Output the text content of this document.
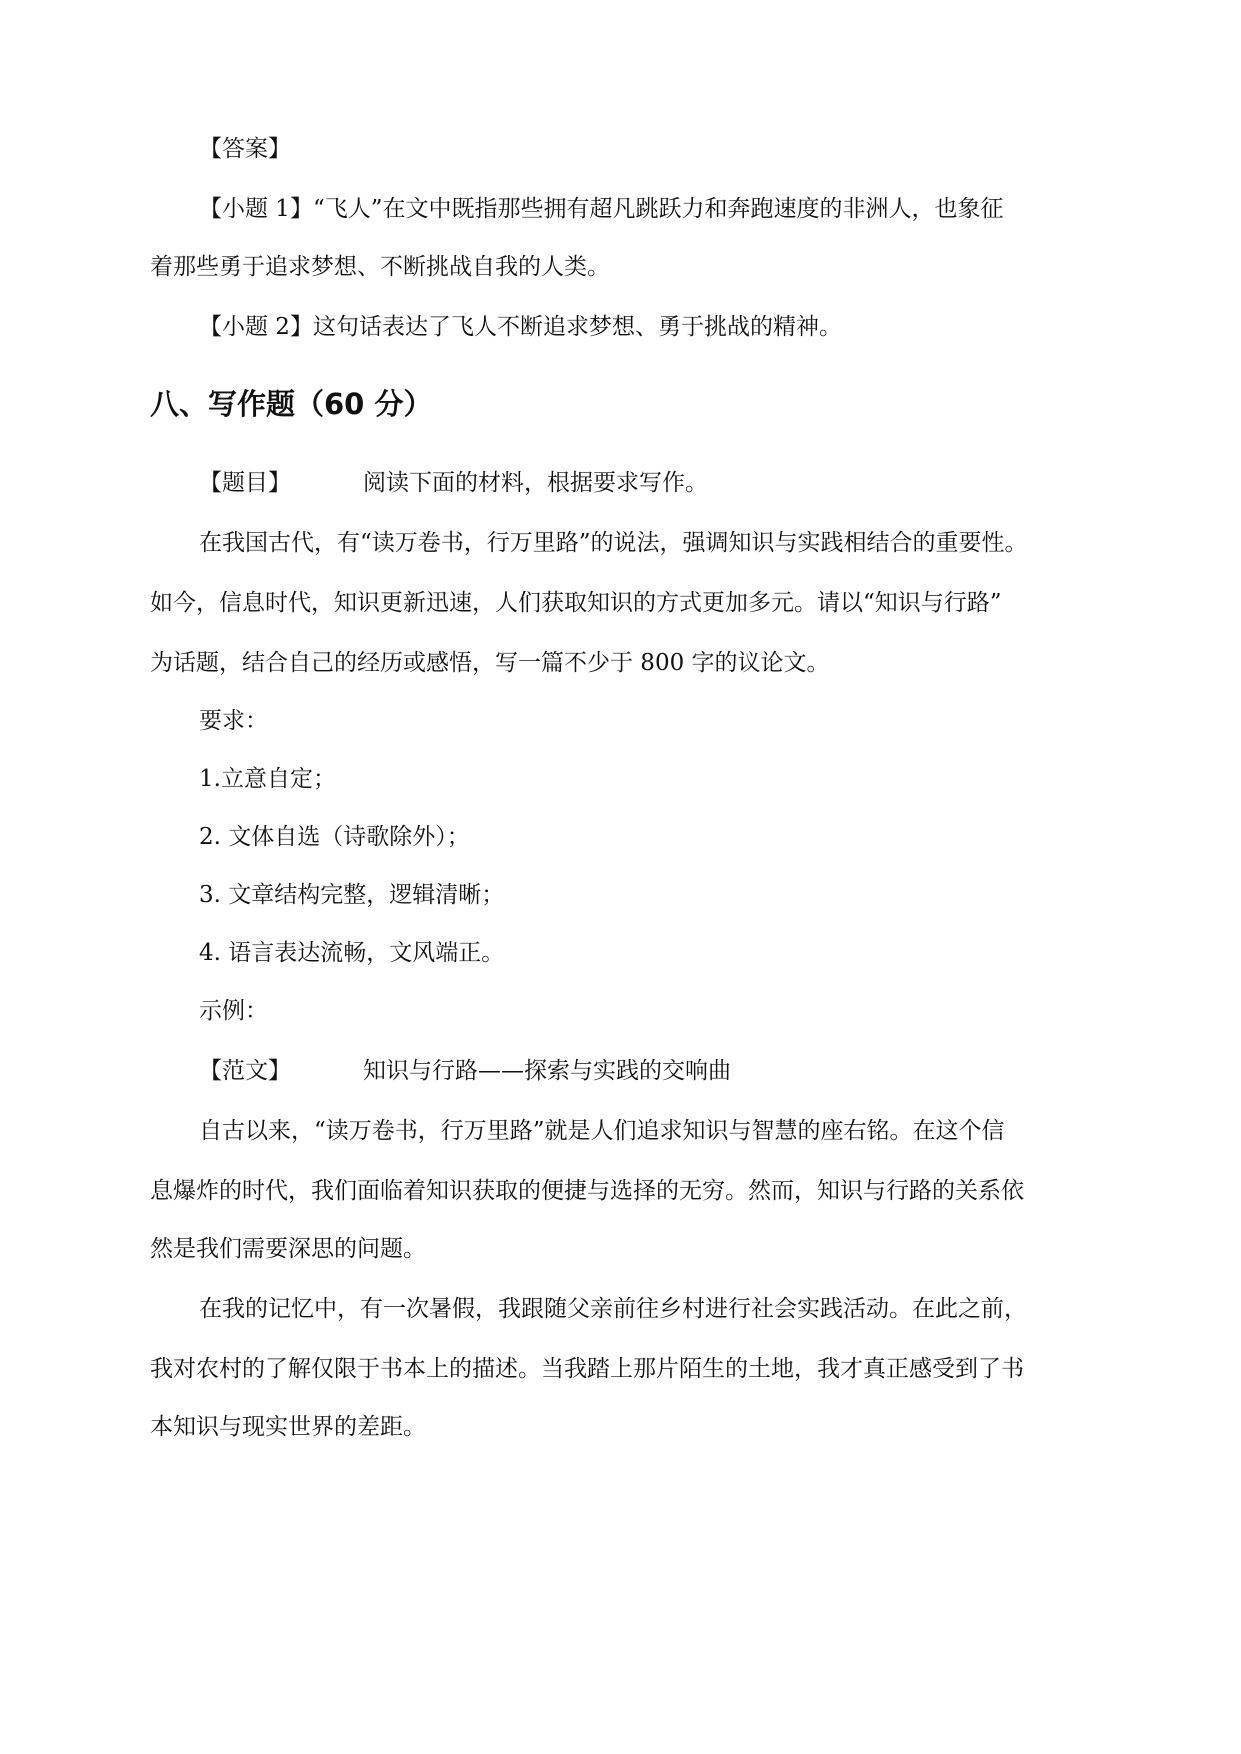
【答案】
【小题 1】“飞人”在文中既指那些拥有超凡跳跃力和奔跑速度的非洲人，也象征
着那些勇于追求梦想、不断挑战自我的人类。
【小题 2】这句话表达了飞人不断追求梦想、勇于挑战的精神。
八、写作题（60 分）
【题目】	阅读下面的材料，根据要求写作。
在我国古代，有“读万卷书，行万里路”的说法，强调知识与实践相结合的重要性。
如今，信息时代，知识更新迅速，人们获取知识的方式更加多元。请以“知识与行路”
为话题，结合自己的经历或感悟，写一篇不少于 800 字的议论文。
要求：
1.立意自定；
2. 文体自选（诗歌除外）；
3. 文章结构完整，逻辑清晰；
4. 语言表达流畅，文风端正。
示例：
【范文】	知识与行路——探索与实践的交响曲
自古以来，“读万卷书，行万里路”就是人们追求知识与智慧的座右铭。在这个信
息爆炸的时代，我们面临着知识获取的便捷与选择的无穷。然而，知识与行路的关系依
然是我们需要深思的问题。
在我的记忆中，有一次暑假，我跟随父亲前往乡村进行社会实践活动。在此之前，
我对农村的了解仅限于书本上的描述。当我踏上那片陌生的土地，我才真正感受到了书
本知识与现实世界的差距。
